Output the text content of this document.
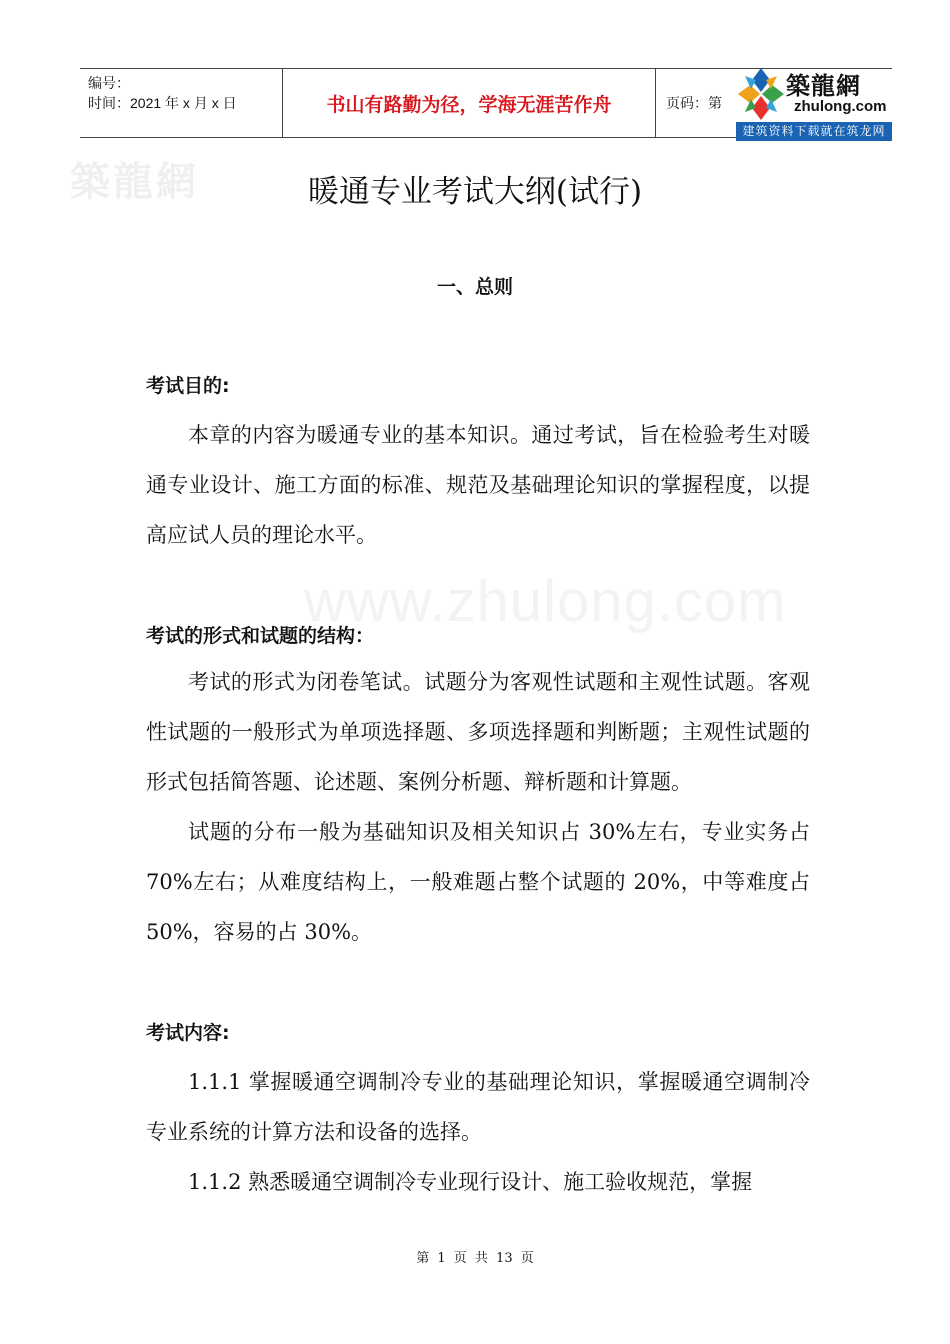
编号：
时间：2021 年 x 月 x 日	书山有路勤为径，学海无涯苦作舟	页码：第
築龍網
zhulong.com
建筑资料下载就在筑龙网
築龍網
www.zhulong.com
暖通专业考试大纲(试行)
一、总则
考试目的:

本章的内容为暖通专业的基本知识。通过考试，旨在检验考生对暖通专业设计、施工方面的标准、规范及基础理论知识的掌握程度，以提高应试人员的理论水平。

考试的形式和试题的结构：

考试的形式为闭卷笔试。试题分为客观性试题和主观性试题。客观性试题的一般形式为单项选择题、多项选择题和判断题；主观性试题的形式包括简答题、论述题、案例分析题、辩析题和计算题。

试题的分布一般为基础知识及相关知识占 30%左右，专业实务占 70%左右；从难度结构上，一般难题占整个试题的 20%，中等难度占 50%，容易的占 30%。

考试内容:

1.1.1 掌握暖通空调制冷专业的基础理论知识，掌握暖通空调制冷专业系统的计算方法和设备的选择。

1.1.2 熟悉暖通空调制冷专业现行设计、施工验收规范，掌握

第 1 页 共 13 页
